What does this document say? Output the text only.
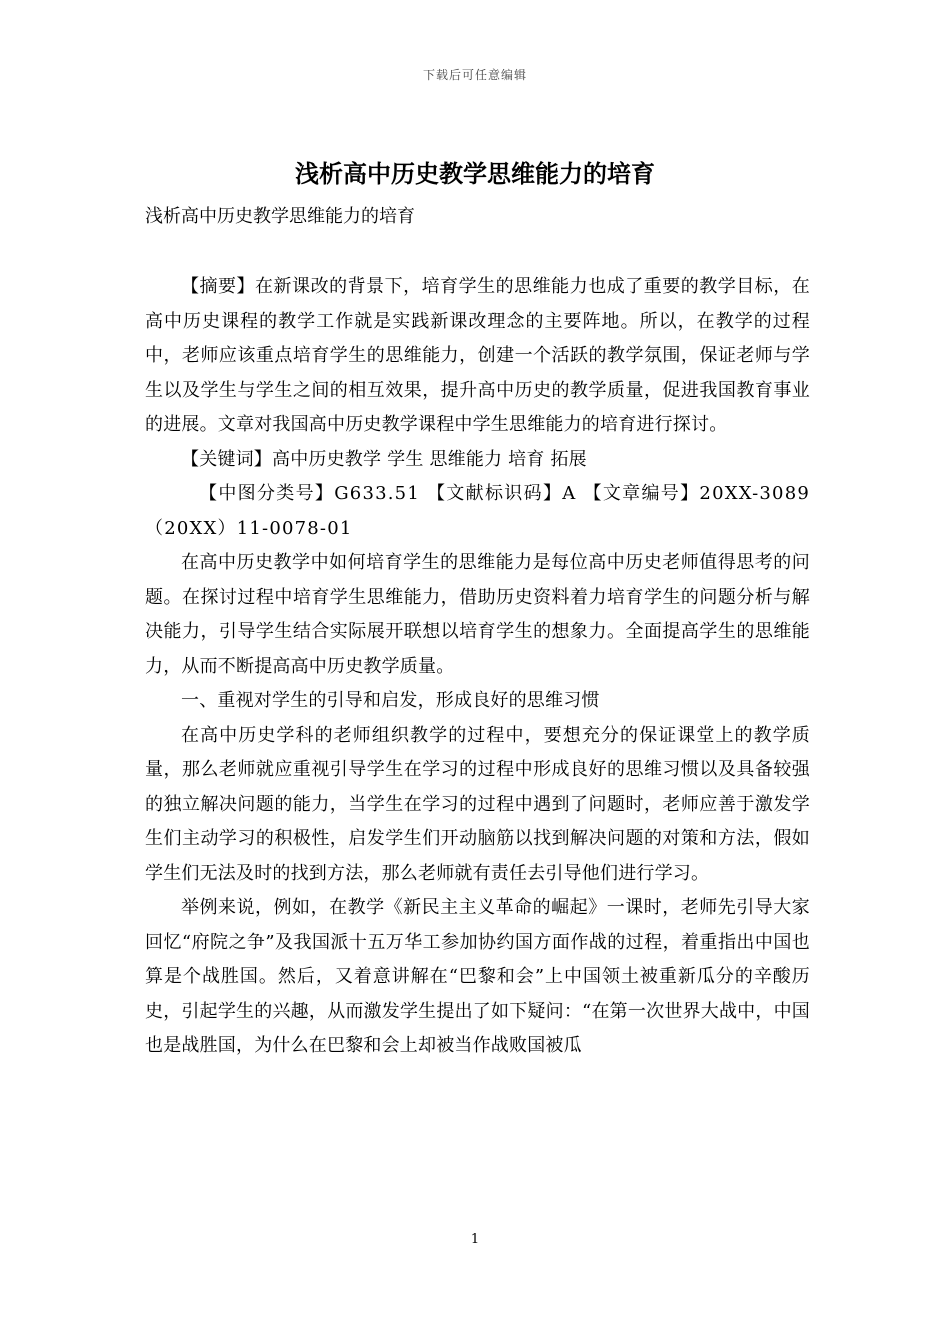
下载后可任意编辑
浅析高中历史教学思维能力的培育

浅析高中历史教学思维能力的培育

【摘要】在新课改的背景下，培育学生的思维能力也成了重要的教学目标，在高中历史课程的教学工作就是实践新课改理念的主要阵地。所以，在教学的过程中，老师应该重点培育学生的思维能力，创建一个活跃的教学氛围，保证老师与学生以及学生与学生之间的相互效果，提升高中历史的教学质量，促进我国教育事业的进展。文章对我国高中历史教学课程中学生思维能力的培育进行探讨。

【关键词】高中历史教学 学生 思维能力 培育 拓展

【中图分类号】G633.51 【文献标识码】A 【文章编号】20XX-3089（20XX）11-0078-01

在高中历史教学中如何培育学生的思维能力是每位高中历史老师值得思考的问题。在探讨过程中培育学生思维能力，借助历史资料着力培育学生的问题分析与解决能力，引导学生结合实际展开联想以培育学生的想象力。全面提高学生的思维能力，从而不断提高高中历史教学质量。

一、重视对学生的引导和启发，形成良好的思维习惯

在高中历史学科的老师组织教学的过程中，要想充分的保证课堂上的教学质量，那么老师就应重视引导学生在学习的过程中形成良好的思维习惯以及具备较强的独立解决问题的能力，当学生在学习的过程中遇到了问题时，老师应善于激发学生们主动学习的积极性，启发学生们开动脑筋以找到解决问题的对策和方法，假如学生们无法及时的找到方法，那么老师就有责任去引导他们进行学习。

举例来说，例如，在教学《新民主主义革命的崛起》一课时，老师先引导大家回忆“府院之争”及我国派十五万华工参加协约国方面作战的过程，着重指出中国也算是个战胜国。然后，又着意讲解在“巴黎和会”上中国领土被重新瓜分的辛酸历史，引起学生的兴趣，从而激发学生提出了如下疑问：“在第一次世界大战中，中国也是战胜国，为什么在巴黎和会上却被当作战败国被瓜

1
